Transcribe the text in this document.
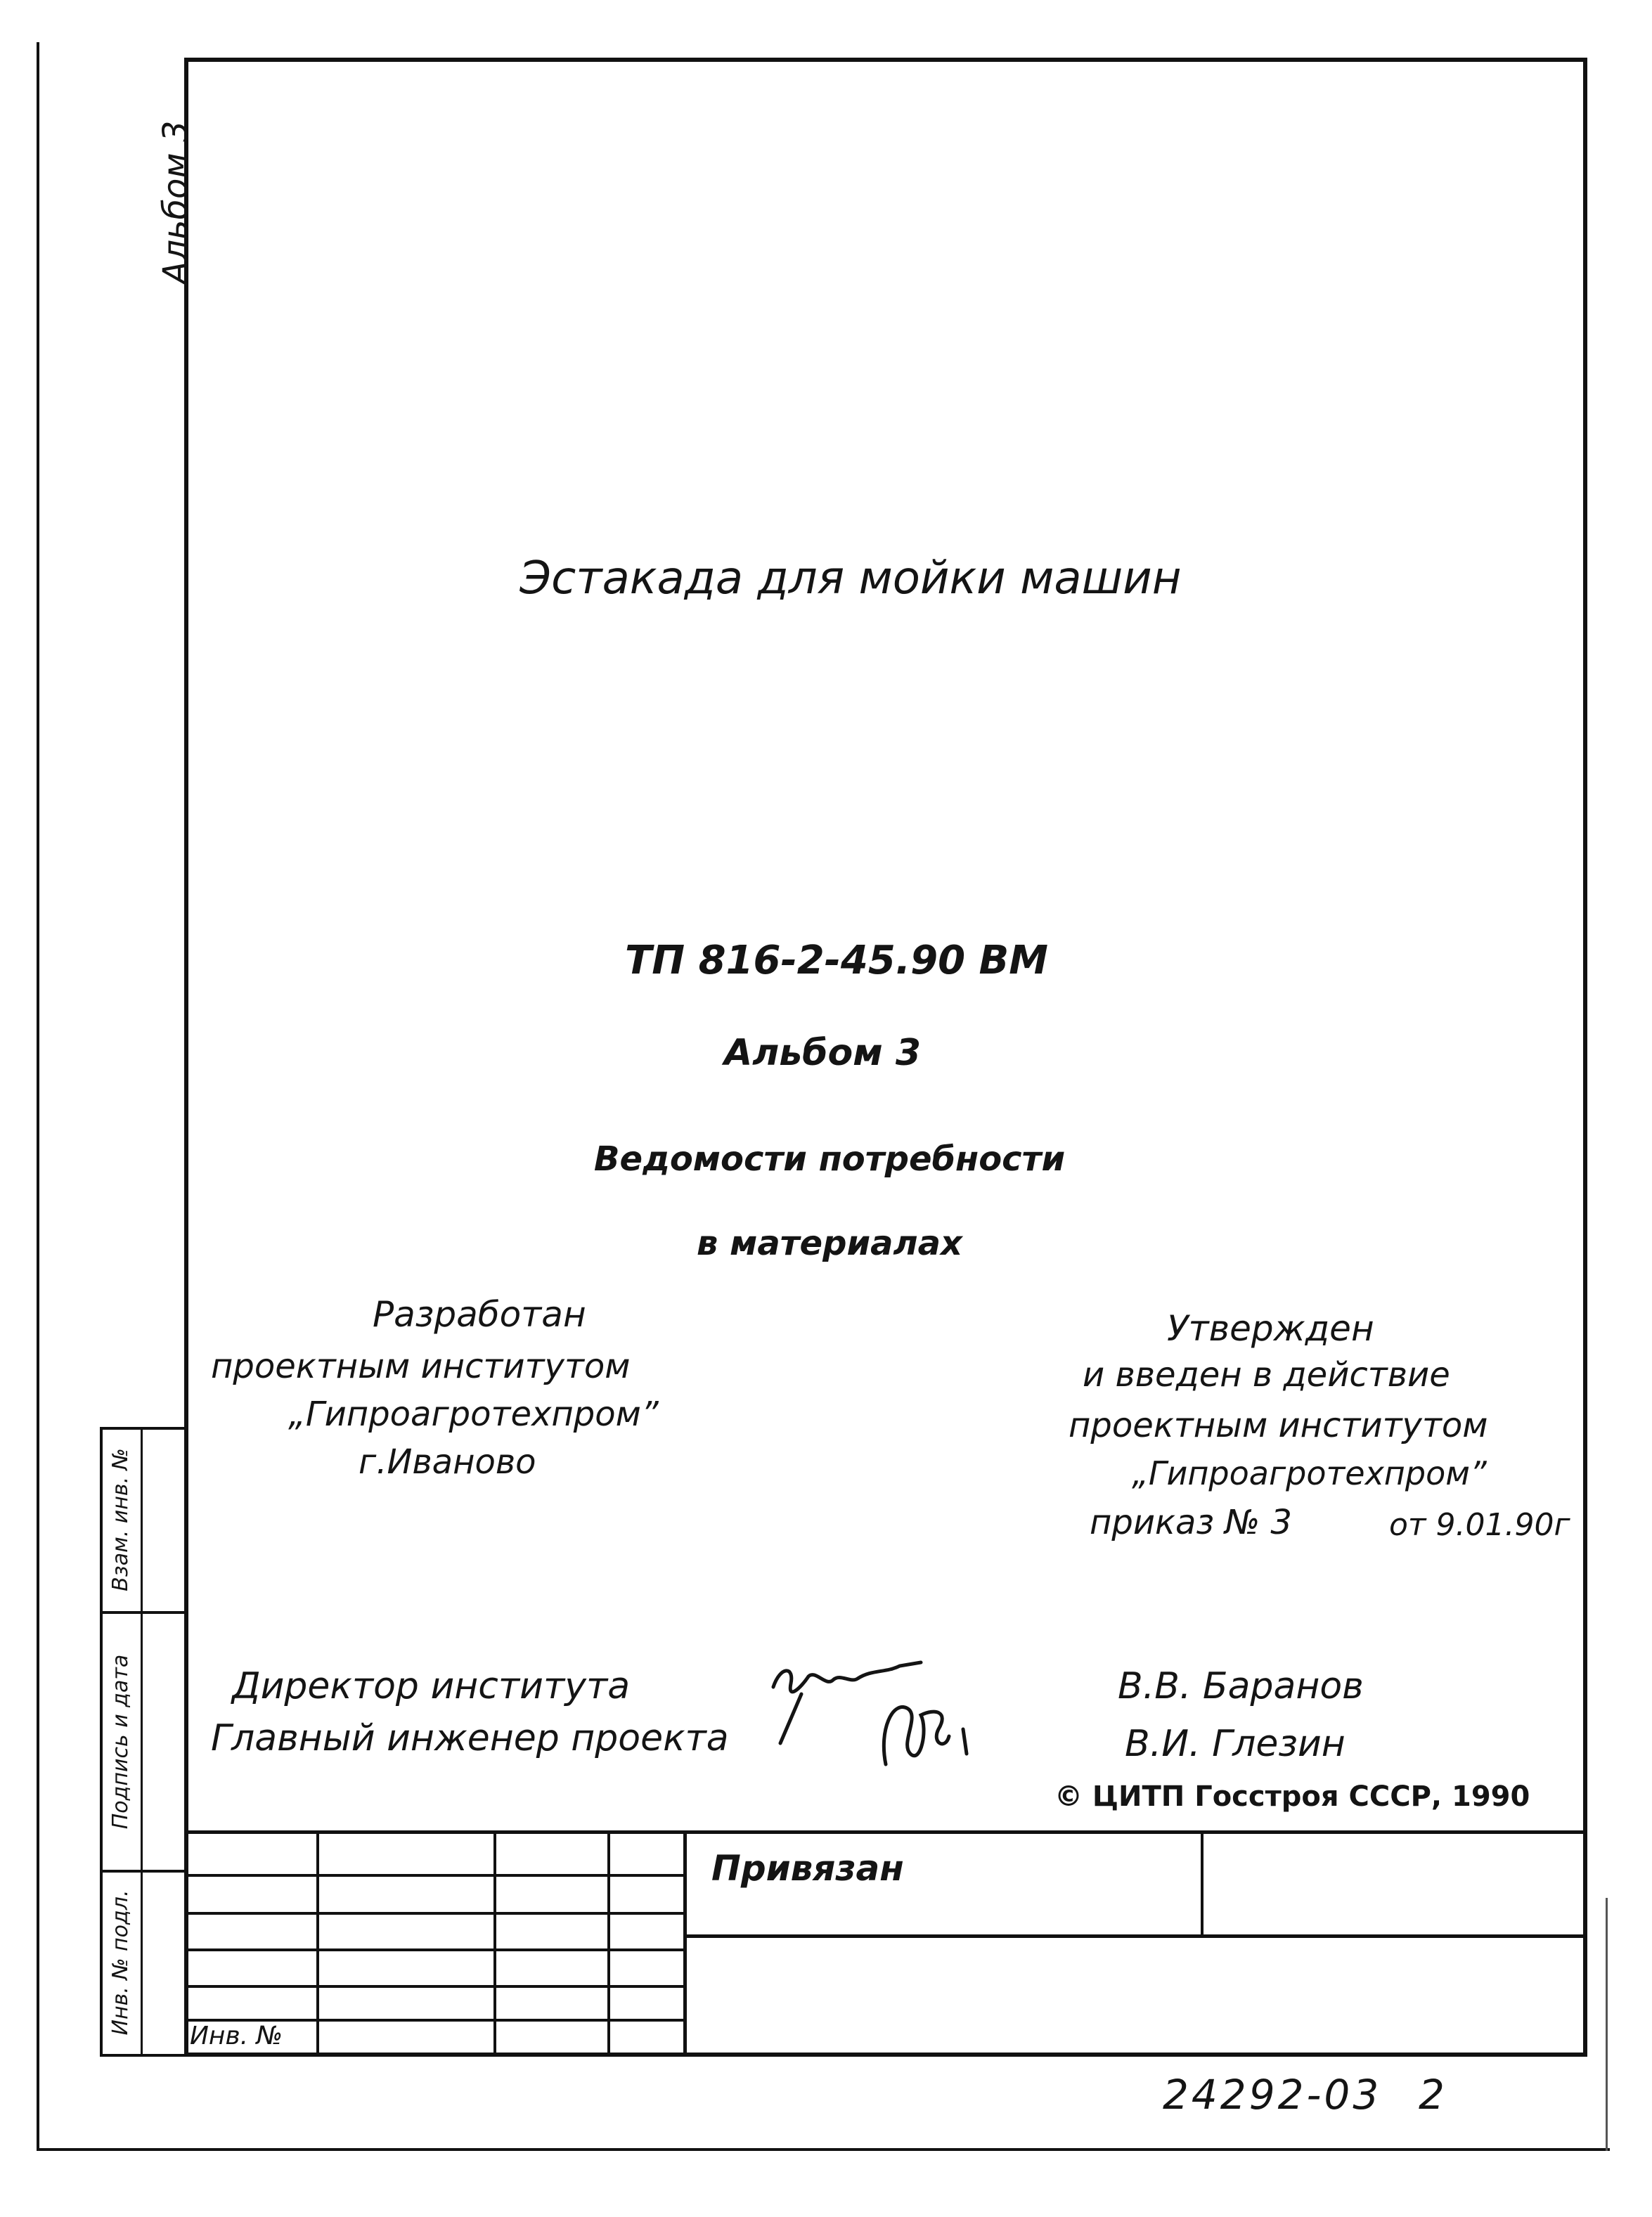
Взам. инв. №
Подпись и дата
Инв. № подл.
Альбом 3
Эстакада для мойки машин
ТП 816-2-45.90 ВМ
Альбом 3
Ведомости потребности
в материалах
Разработан
проектным институтом
„Гипроагротехпром”
г.Иваново
Утвержден
и введен в действие
проектным институтом
„Гипроагротехпром”
приказ № 3	от 9.01.90г
Директор института
Главный инженер проекта
В.В. Баранов
В.И. Глезин
© ЦИТП Госстроя СССР, 1990
Привязан
Инв. №
24292-03 2
